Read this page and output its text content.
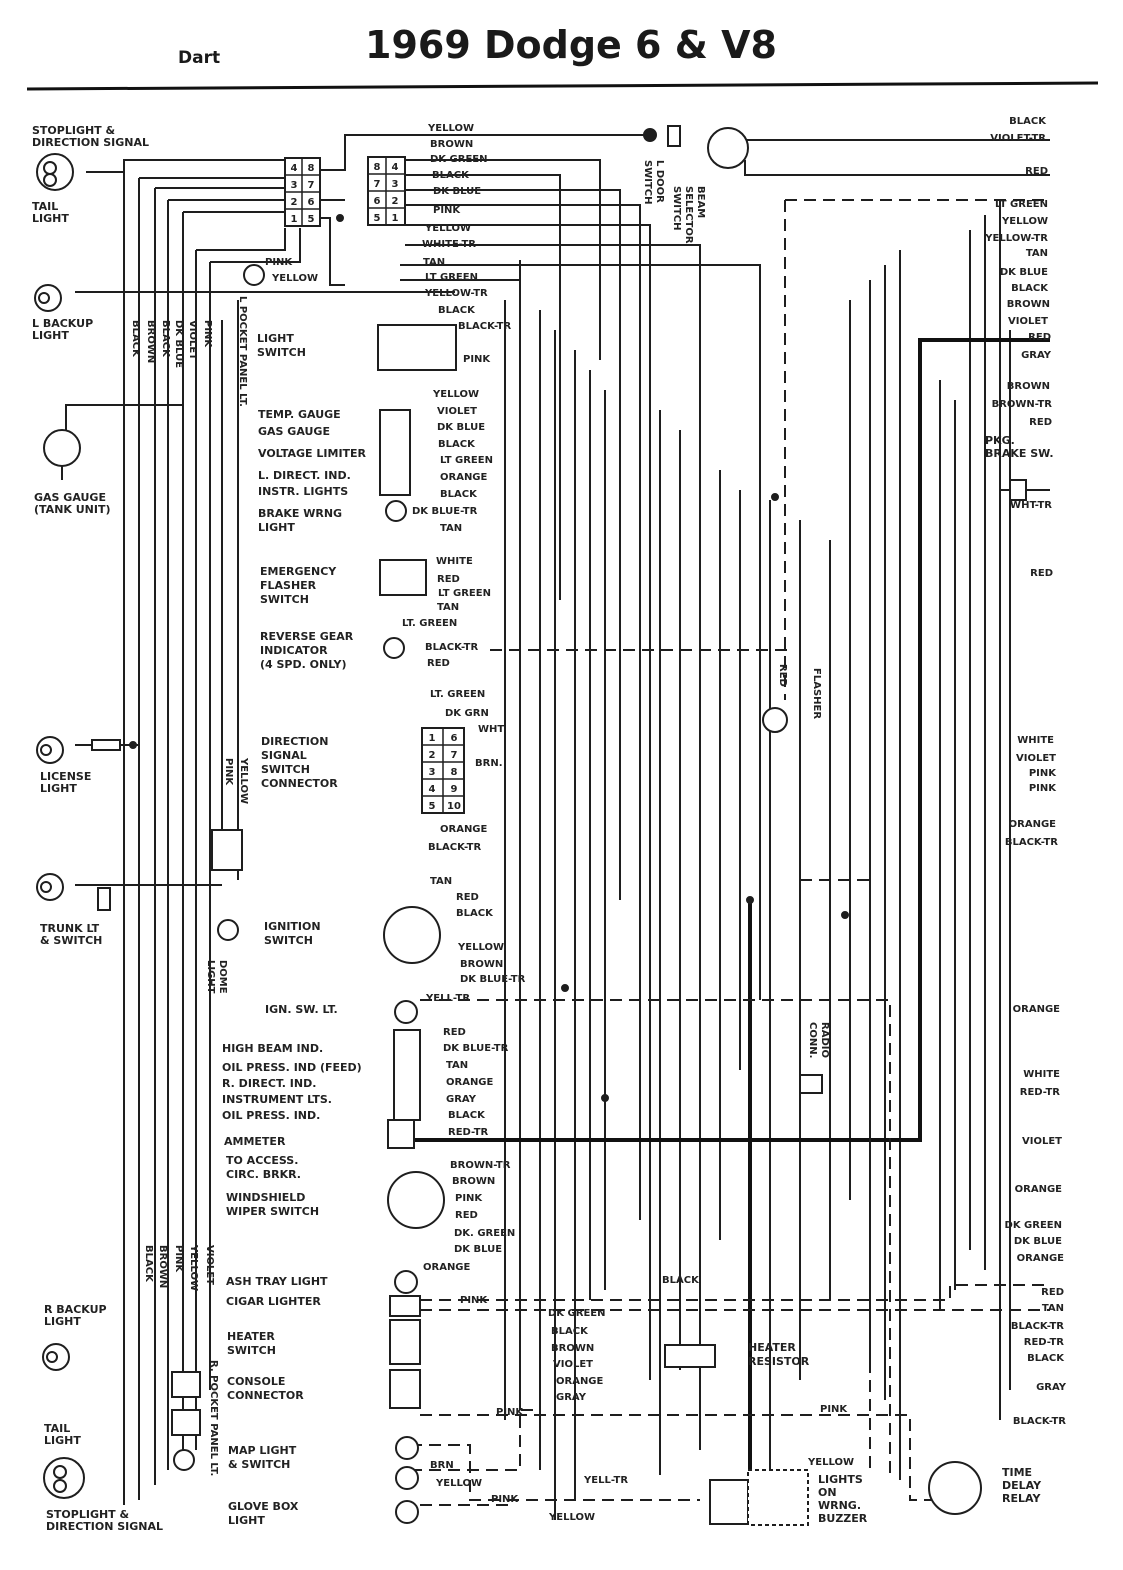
Dart	1969 Dodge 6 & V8
STOPLIGHT & DIRECTION SIGNAL
TAIL LIGHT
L BACKUP LIGHT
GAS GAUGE (TANK UNIT)
LICENSE LIGHT
TRUNK LT & SWITCH
R BACKUP LIGHT
TAIL LIGHT
STOPLIGHT & DIRECTION SIGNAL
BLACK BROWN BLACK DK BLUE VIOLET PINK
BLACK BROWN PINK YELLOW VIOLET
PINK
YELLOW
L POCKET PANEL LT.
PINK YELLOW
DOMELIGHT
R. POCKET PANEL LT.
L DOORSWITCH	BEAMSELECTORSWITCH
FLASHER
RADIOCONN.
RED
LIGHT SWITCH
TEMP. GAUGE
GAS GAUGE
VOLTAGE LIMITER
L. DIRECT. IND.
INSTR. LIGHTS
BRAKE WRNG LIGHT
EMERGENCY FLASHER SWITCH
REVERSE GEAR INDICATOR (4 SPD. ONLY)
DIRECTION SIGNAL SWITCH CONNECTOR
IGNITION SWITCH
IGN. SW. LT.
HIGH BEAM IND.
OIL PRESS. IND (FEED)
R. DIRECT. IND.
INSTRUMENT LTS.
OIL PRESS. IND.
AMMETER
TO ACCESS. CIRC. BRKR.
WINDSHIELD WIPER SWITCH
ASH TRAY LIGHT
CIGAR LIGHTER
HEATER SWITCH
CONSOLE CONNECTOR
MAP LIGHT & SWITCH
GLOVE BOX LIGHT
4 8
3 7
2 6
1 5
8 4
7 3
6 2
5 1
1 6
2 7
3 8
4 9
5 10
YELLOW
BROWN
DK GREEN
BLACK
DK BLUE
PINK
YELLOW
WHITE-TR
TAN
LT GREEN
YELLOW-TR
BLACK
BLACK-TR
PINK
YELLOW
VIOLET
DK BLUE
BLACK
LT GREEN
ORANGE
BLACK
DK BLUE-TR
TAN
WHITE
RED
LT GREEN
TAN
LT. GREEN
BLACK-TR
RED
LT. GREEN
DK GRN
WHT
BRN.
ORANGE
BLACK-TR
TAN
RED
BLACK
YELLOW
BROWN
DK BLUE-TR
YELL-TR
RED
DK BLUE-TR
TAN
ORANGE
GRAY
BLACK
RED-TR
BROWN-TR
BROWN
PINK
RED
DK. GREEN
DK BLUE
ORANGE
PINK
DK GREEN
BLACK
BROWN
VIOLET
ORANGE
GRAY
BLACK
PINK
PINK
BRN
YELLOW
PINK
YELL-TR
YELLOW
YELLOW
BLACK
VIOLET-TR
RED
LT GREEN
YELLOW
YELLOW-TR
TAN
DK BLUE
BLACK
BROWN
VIOLET
RED
GRAY
BROWN
BROWN-TR
RED
WHT-TR
RED
WHITE
VIOLET
PINK
PINK
ORANGE
BLACK-TR
ORANGE
WHITE
RED-TR
VIOLET
ORANGE
DK GREEN
DK BLUE
ORANGE
RED
TAN
BLACK-TR
RED-TR
BLACK
GRAY
BLACK-TR
PKG. BRAKE SW.
HEATER RESISTOR
LIGHTS ON WRNG. BUZZER
TIME DELAY RELAY
